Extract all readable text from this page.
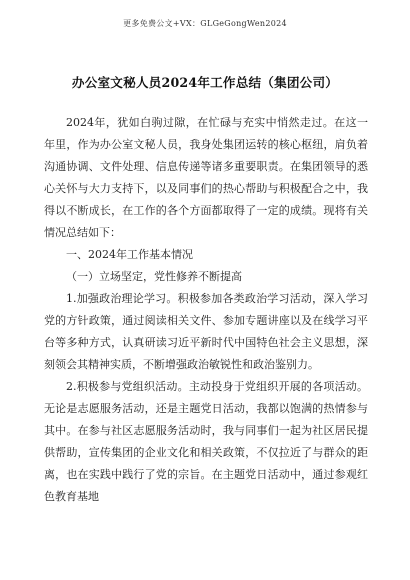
更多免费公文+VX：GLGeGongWen2024
办公室文秘人员2024年工作总结（集团公司）

2024年，犹如白驹过隙，在忙碌与充实中悄然走过。在这一年里，作为办公室文秘人员，我身处集团运转的核心枢纽，肩负着沟通协调、文件处理、信息传递等诸多重要职责。在集团领导的悉心关怀与大力支持下，以及同事们的热心帮助与积极配合之中，我得以不断成长，在工作的各个方面都取得了一定的成绩。现将有关情况总结如下：

一、2024年工作基本情况

（一）立场坚定，党性修养不断提高

1.加强政治理论学习。积极参加各类政治学习活动，深入学习党的方针政策，通过阅读相关文件、参加专题讲座以及在线学习平台等多种方式，认真研读习近平新时代中国特色社会主义思想，深刻领会其精神实质，不断增强政治敏锐性和政治鉴别力。

2.积极参与党组织活动。主动投身于党组织开展的各项活动。无论是志愿服务活动，还是主题党日活动，我都以饱满的热情参与其中。在参与社区志愿服务活动时，我与同事们一起为社区居民提供帮助，宣传集团的企业文化和相关政策，不仅拉近了与群众的距离，也在实践中践行了党的宗旨。在主题党日活动中，通过参观红色教育基地
